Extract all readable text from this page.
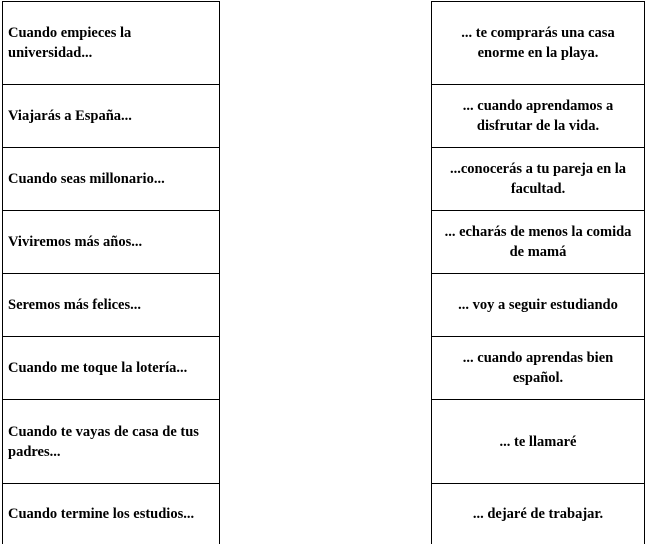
Cuando empieces la universidad...
Viajarás a España...
Cuando seas millonario...
Viviremos más años...
Seremos más felices...
Cuando me toque la lotería...
Cuando te vayas de casa de tus padres...
Cuando termine los estudios...
... te comprarás una casa enorme en la playa.
... cuando aprendamos a disfrutar de la vida.
...conocerás a tu pareja en la facultad.
... echarás de menos la comida de mamá
... voy a seguir estudiando
... cuando aprendas bien español.
... te llamaré
... dejaré de trabajar.
